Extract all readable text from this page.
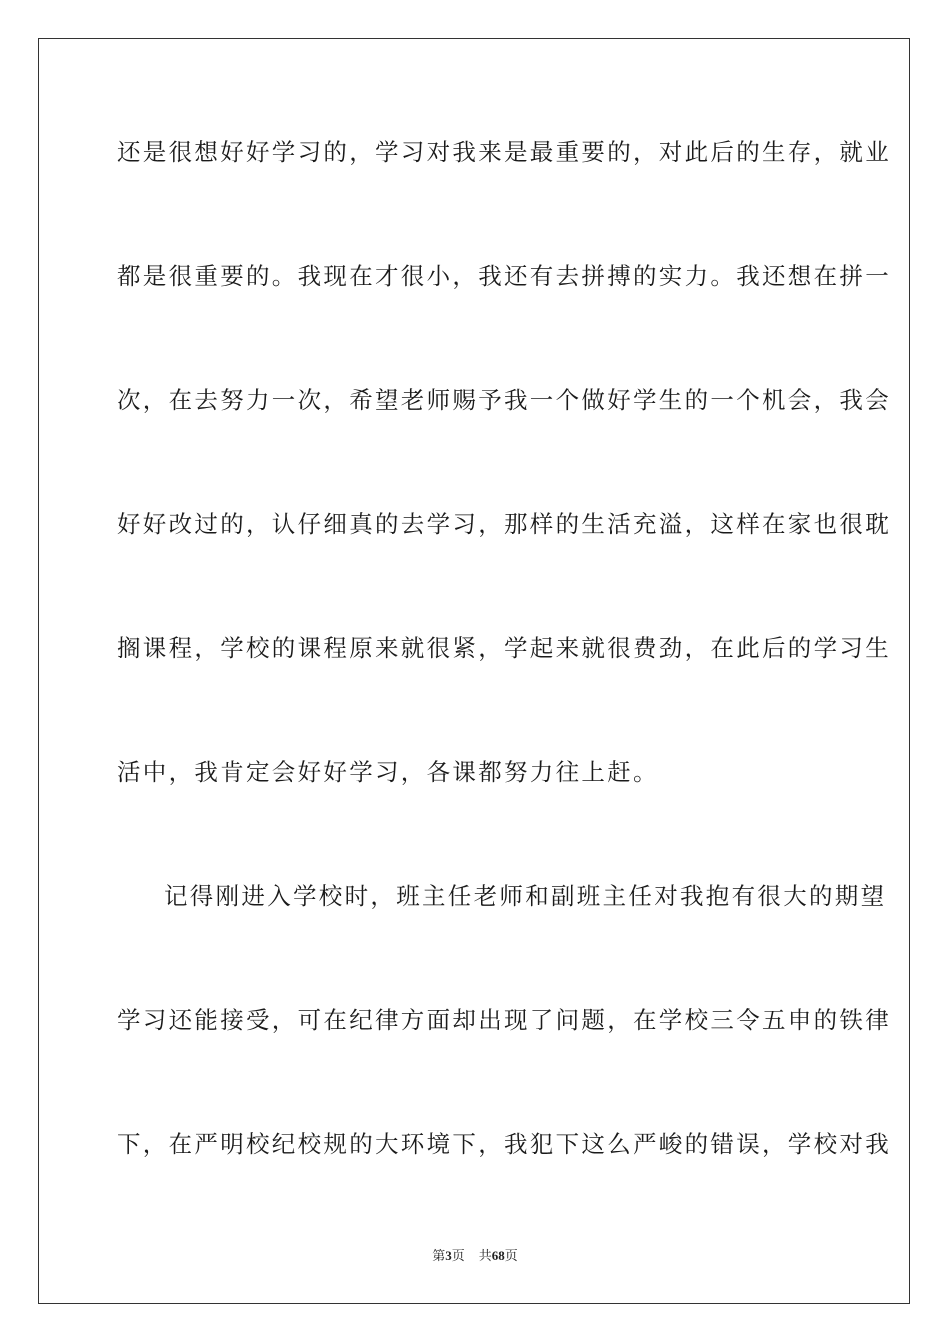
还是很想好好学习的，学习对我来是最重要的，对此后的生存，就业
都是很重要的。我现在才很小，我还有去拼搏的实力。我还想在拼一
次，在去努力一次，希望老师赐予我一个做好学生的一个机会，我会
好好改过的，认仔细真的去学习，那样的生活充溢，这样在家也很耽
搁课程，学校的课程原来就很紧，学起来就很费劲，在此后的学习生
活中，我肯定会好好学习，各课都努力往上赶。
记得刚进入学校时，班主任老师和副班主任对我抱有很大的期望
学习还能接受，可在纪律方面却出现了问题，在学校三令五申的铁律
下，在严明校纪校规的大环境下，我犯下这么严峻的错误，学校对我
第3页 共68页
